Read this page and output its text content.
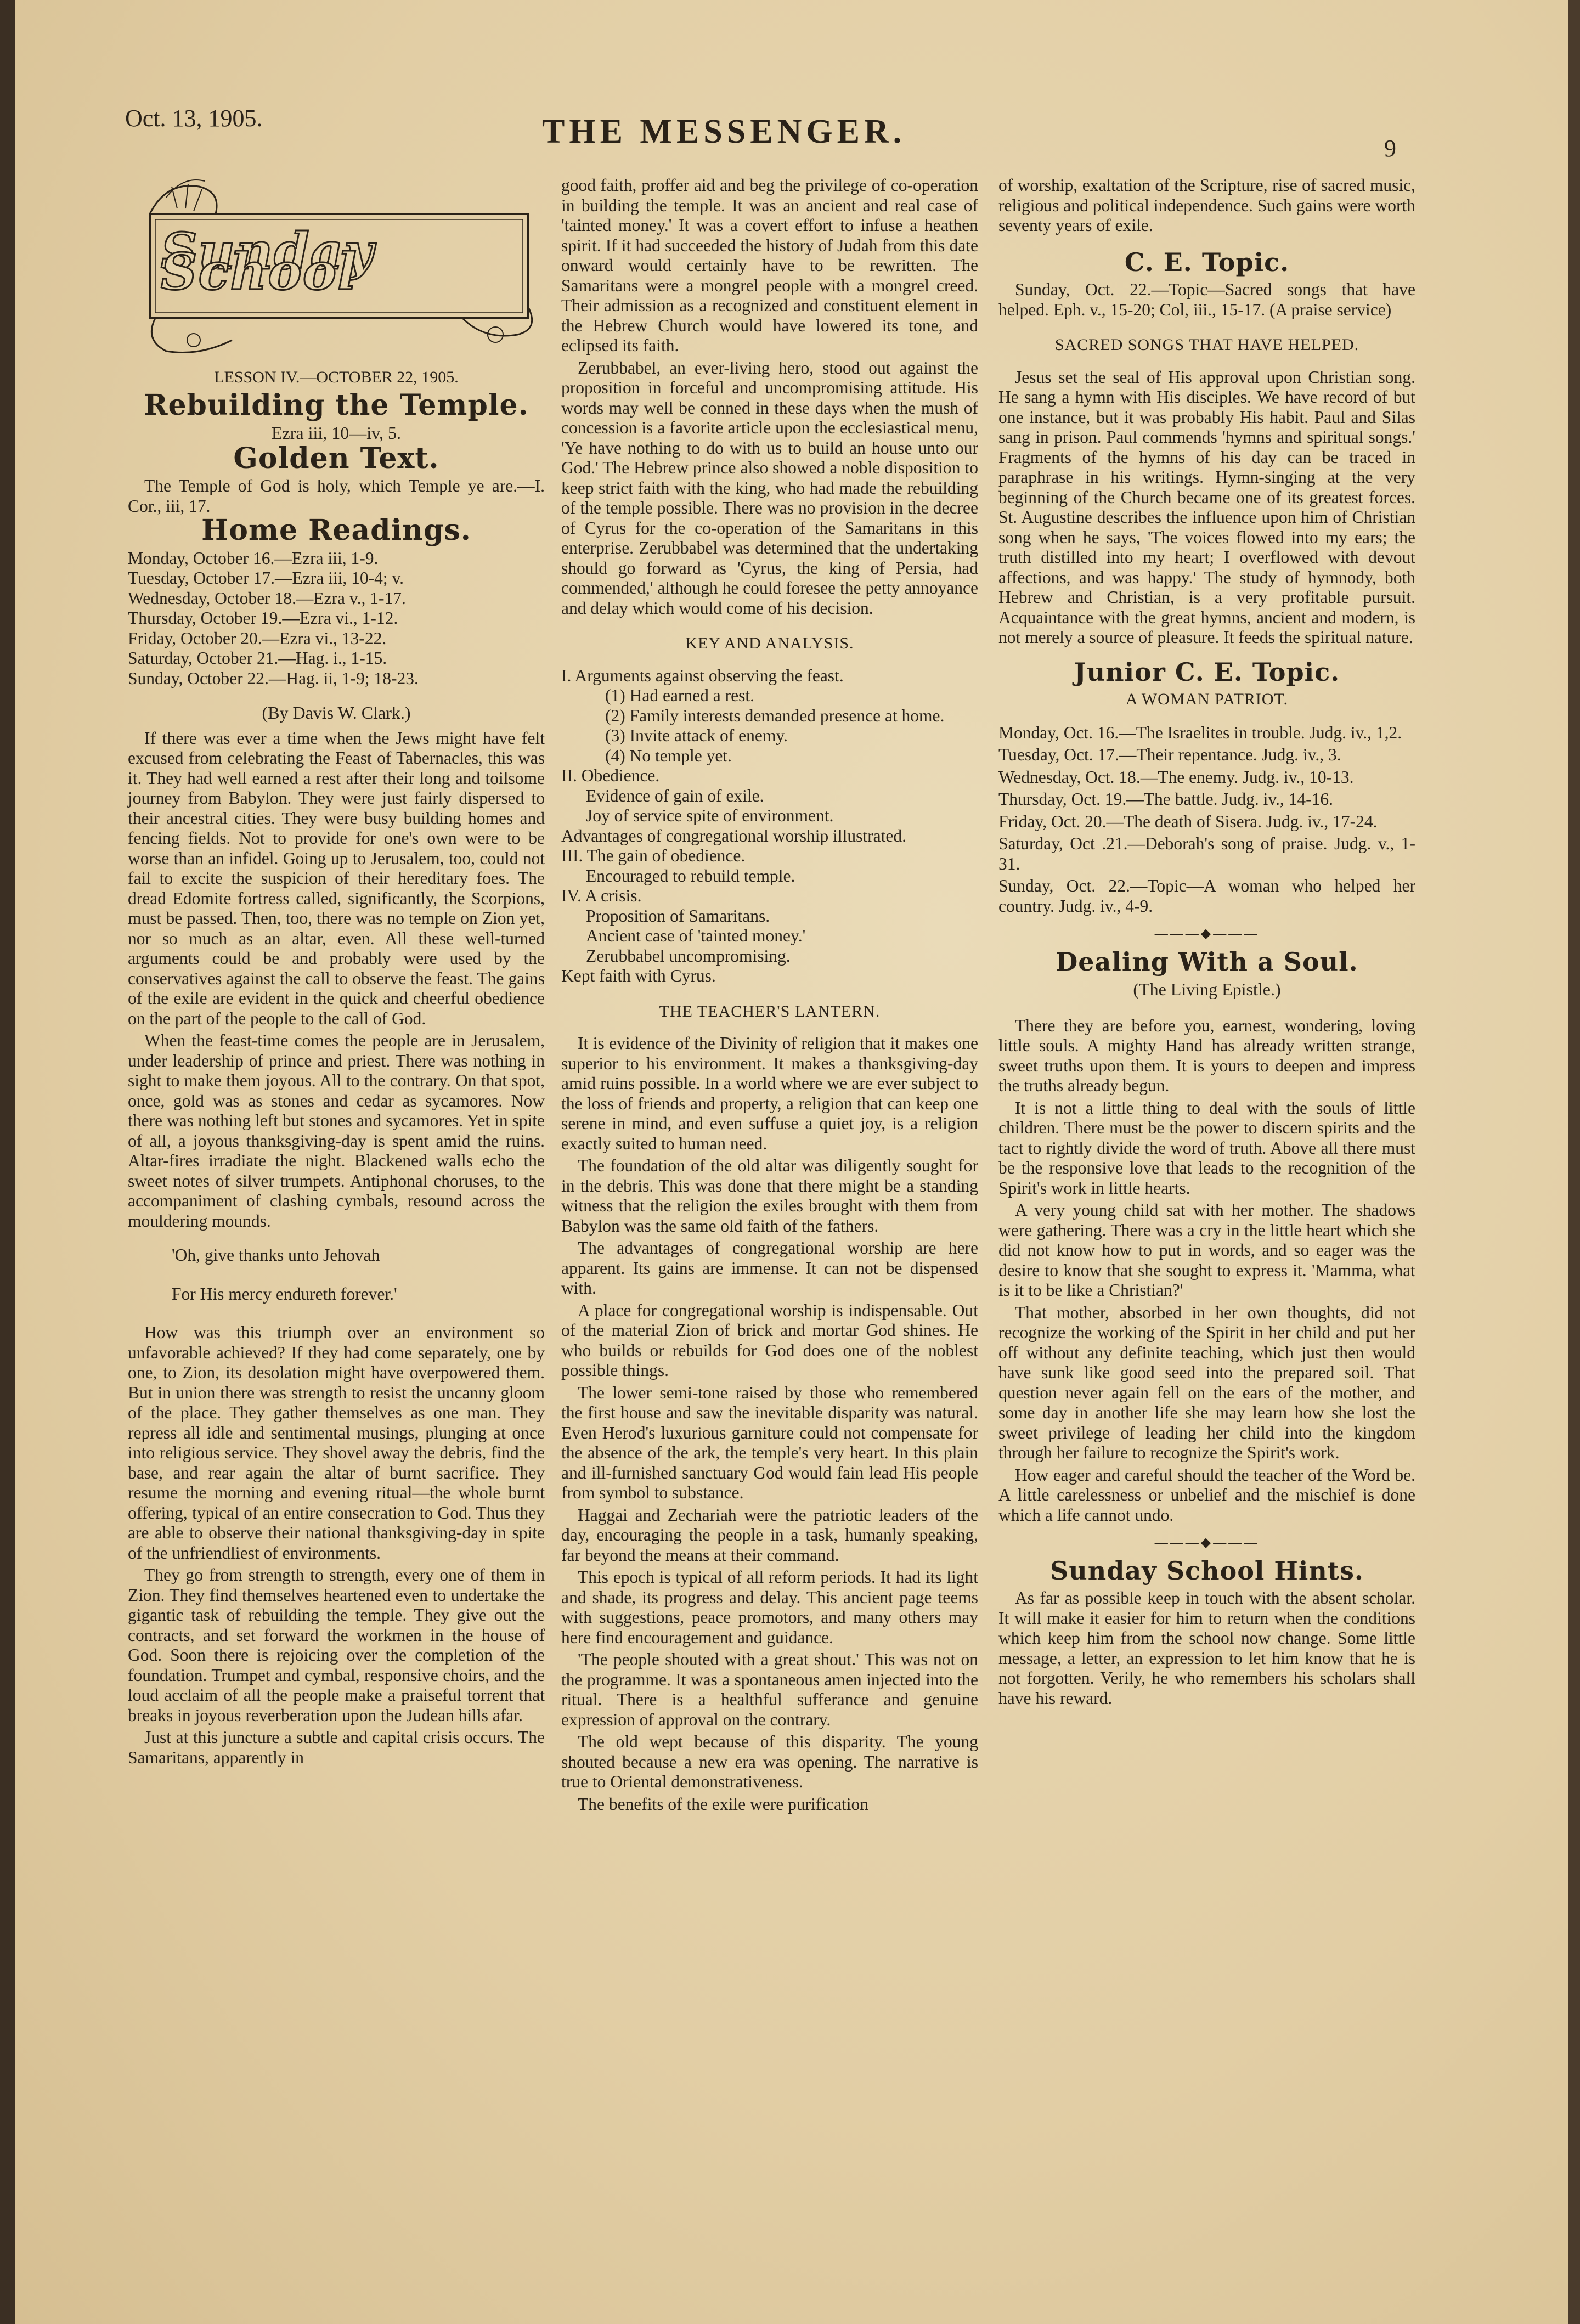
Oct. 13, 1905.	THE MESSENGER.	9
Sunday School
LESSON IV.—OCTOBER 22, 1905.
Rebuilding the Temple.
Ezra iii, 10—iv, 5.
Golden Text.

The Temple of God is holy, which Temple ye are.—I. Cor., iii, 17.

Home Readings.
Monday, October 16.—Ezra iii, 1-9.
Tuesday, October 17.—Ezra iii, 10-4; v.
Wednesday, October 18.—Ezra v., 1-17.
Thursday, October 19.—Ezra vi., 1-12.
Friday, October 20.—Ezra vi., 13-22.
Saturday, October 21.—Hag. i., 1-15.
Sunday, October 22.—Hag. ii, 1-9; 18-23.
(By Davis W. Clark.)

If there was ever a time when the Jews might have felt excused from celebrating the Feast of Tabernacles, this was it. They had well earned a rest after their long and toilsome journey from Babylon. They were just fairly dispersed to their ancestral cities. They were busy building homes and fencing fields. Not to provide for one's own were to be worse than an infidel. Going up to Jerusalem, too, could not fail to excite the suspicion of their hereditary foes. The dread Edomite fortress called, significantly, the Scorpions, must be passed. Then, too, there was no temple on Zion yet, nor so much as an altar, even. All these well-turned arguments could be and probably were used by the conservatives against the call to observe the feast. The gains of the exile are evident in the quick and cheerful obedience on the part of the people to the call of God.

When the feast-time comes the people are in Jerusalem, under leadership of prince and priest. There was nothing in sight to make them joyous. All to the contrary. On that spot, once, gold was as stones and cedar as sycamores. Now there was nothing left but stones and sycamores. Yet in spite of all, a joyous thanksgiving-day is spent amid the ruins. Altar-fires irradiate the night. Blackened walls echo the sweet notes of silver trumpets. Antiphonal choruses, to the accompaniment of clashing cymbals, resound across the mouldering mounds.

'Oh, give thanks unto Jehovah
For His mercy endureth forever.'

How was this triumph over an environment so unfavorable achieved? If they had come separately, one by one, to Zion, its desolation might have overpowered them. But in union there was strength to resist the uncanny gloom of the place. They gather themselves as one man. They repress all idle and sentimental musings, plunging at once into religious service. They shovel away the debris, find the base, and rear again the altar of burnt sacrifice. They resume the morning and evening ritual—the whole burnt offering, typical of an entire consecration to God. Thus they are able to observe their national thanksgiving-day in spite of the unfriendliest of environments.

They go from strength to strength, every one of them in Zion. They find themselves heartened even to undertake the gigantic task of rebuilding the temple. They give out the contracts, and set forward the workmen in the house of God. Soon there is rejoicing over the completion of the foundation. Trumpet and cymbal, responsive choirs, and the loud acclaim of all the people make a praiseful torrent that breaks in joyous reverberation upon the Judean hills afar.

Just at this juncture a subtle and capital crisis occurs. The Samaritans, apparently in

good faith, proffer aid and beg the privilege of co-operation in building the temple. It was an ancient and real case of 'tainted money.' It was a covert effort to infuse a heathen spirit. If it had succeeded the history of Judah from this date onward would certainly have to be rewritten. The Samaritans were a mongrel people with a mongrel creed. Their admission as a recognized and constituent element in the Hebrew Church would have lowered its tone, and eclipsed its faith.

Zerubbabel, an ever-living hero, stood out against the proposition in forceful and uncompromising attitude. His words may well be conned in these days when the mush of concession is a favorite article upon the ecclesiastical menu, 'Ye have nothing to do with us to build an house unto our God.' The Hebrew prince also showed a noble disposition to keep strict faith with the king, who had made the rebuilding of the temple possible. There was no provision in the decree of Cyrus for the co-operation of the Samaritans in this enterprise. Zerubbabel was determined that the undertaking should go forward as 'Cyrus, the king of Persia, had commended,' although he could foresee the petty annoyance and delay which would come of his decision.

KEY AND ANALYSIS.
I. Arguments against observing the feast.
(1) Had earned a rest.
(2) Family interests demanded presence at home.
(3) Invite attack of enemy.
(4) No temple yet.
II. Obedience.
Evidence of gain of exile.
Joy of service spite of environment.
Advantages of congregational worship illustrated.
III. The gain of obedience.
Encouraged to rebuild temple.
IV. A crisis.
Proposition of Samaritans.
Ancient case of 'tainted money.'
Zerubbabel uncompromising.
Kept faith with Cyrus.
THE TEACHER'S LANTERN.

It is evidence of the Divinity of religion that it makes one superior to his environment. It makes a thanksgiving-day amid ruins possible. In a world where we are ever subject to the loss of friends and property, a religion that can keep one serene in mind, and even suffuse a quiet joy, is a religion exactly suited to human need.

The foundation of the old altar was diligently sought for in the debris. This was done that there might be a standing witness that the religion the exiles brought with them from Babylon was the same old faith of the fathers.

The advantages of congregational worship are here apparent. Its gains are immense. It can not be dispensed with.

A place for congregational worship is indispensable. Out of the material Zion of brick and mortar God shines. He who builds or rebuilds for God does one of the noblest possible things.

The lower semi-tone raised by those who remembered the first house and saw the inevitable disparity was natural. Even Herod's luxurious garniture could not compensate for the absence of the ark, the temple's very heart. In this plain and ill-furnished sanctuary God would fain lead His people from symbol to substance.

Haggai and Zechariah were the patriotic leaders of the day, encouraging the people in a task, humanly speaking, far beyond the means at their command.

This epoch is typical of all reform periods. It had its light and shade, its progress and delay. This ancient page teems with suggestions, peace promotors, and many others may here find encouragement and guidance.

'The people shouted with a great shout.' This was not on the programme. It was a spontaneous amen injected into the ritual. There is a healthful sufferance and genuine expression of approval on the contrary.

The old wept because of this disparity. The young shouted because a new era was opening. The narrative is true to Oriental demonstrativeness.

The benefits of the exile were purification

of worship, exaltation of the Scripture, rise of sacred music, religious and political independence. Such gains were worth seventy years of exile.

C. E. Topic.

Sunday, Oct. 22.—Topic—Sacred songs that have helped. Eph. v., 15-20; Col, iii., 15-17. (A praise service)

SACRED SONGS THAT HAVE HELPED.

Jesus set the seal of His approval upon Christian song. He sang a hymn with His disciples. We have record of but one instance, but it was probably His habit. Paul and Silas sang in prison. Paul commends 'hymns and spiritual songs.' Fragments of the hymns of his day can be traced in paraphrase in his writings. Hymn-singing at the very beginning of the Church became one of its greatest forces. St. Augustine describes the influence upon him of Christian song when he says, 'The voices flowed into my ears; the truth distilled into my heart; I overflowed with devout affections, and was happy.' The study of hymnody, both Hebrew and Christian, is a very profitable pursuit. Acquaintance with the great hymns, ancient and modern, is not merely a source of pleasure. It feeds the spiritual nature.

Junior C. E. Topic.
A WOMAN PATRIOT.

Monday, Oct. 16.—The Israelites in trouble. Judg. iv., 1,2.

Tuesday, Oct. 17.—Their repentance. Judg. iv., 3.

Wednesday, Oct. 18.—The enemy. Judg. iv., 10-13.

Thursday, Oct. 19.—The battle. Judg. iv., 14-16.

Friday, Oct. 20.—The death of Sisera. Judg. iv., 17-24.

Saturday, Oct .21.—Deborah's song of praise. Judg. v., 1-31.

Sunday, Oct. 22.—Topic—A woman who helped her country. Judg. iv., 4-9.

———◆———
Dealing With a Soul.
(The Living Epistle.)

There they are before you, earnest, wondering, loving little souls. A mighty Hand has already written strange, sweet truths upon them. It is yours to deepen and impress the truths already begun.

It is not a little thing to deal with the souls of little children. There must be the power to discern spirits and the tact to rightly divide the word of truth. Above all there must be the responsive love that leads to the recognition of the Spirit's work in little hearts.

A very young child sat with her mother. The shadows were gathering. There was a cry in the little heart which she did not know how to put in words, and so eager was the desire to know that she sought to express it. 'Mamma, what is it to be like a Christian?'

That mother, absorbed in her own thoughts, did not recognize the working of the Spirit in her child and put her off without any definite teaching, which just then would have sunk like good seed into the prepared soil. That question never again fell on the ears of the mother, and some day in another life she may learn how she lost the sweet privilege of leading her child into the kingdom through her failure to recognize the Spirit's work.

How eager and careful should the teacher of the Word be. A little carelessness or unbelief and the mischief is done which a life cannot undo.

———◆———
Sunday School Hints.

As far as possible keep in touch with the absent scholar. It will make it easier for him to return when the conditions which keep him from the school now change. Some little message, a letter, an expression to let him know that he is not forgotten. Verily, he who remembers his scholars shall have his reward.
